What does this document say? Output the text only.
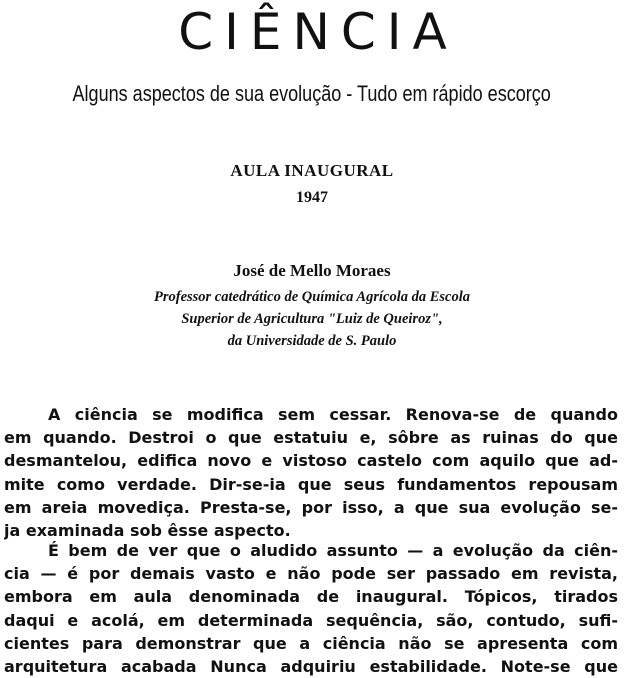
CIÊNCIA
Alguns aspectos de sua evolução - Tudo em rápido escorço
AULA INAUGURAL
1947
José de Mello Moraes
Professor catedrático de Química Agrícola da Escola
Superior de Agricultura "Luiz de Queiroz",
da Universidade de S. Paulo
A ciência se modifica sem cessar. Renova-se de quando
em quando. Destroi o que estatuiu e, sôbre as ruinas do que
desmantelou, edifica novo e vistoso castelo com aquilo que ad-
mite como verdade. Dir-se-ia que seus fundamentos repousam
em areia movediça. Presta-se, por isso, a que sua evolução se-
ja examinada sob êsse aspecto.
É bem de ver que o aludido assunto — a evolução da ciên-
cia — é por demais vasto e não pode ser passado em revista,
embora em aula denominada de inaugural. Tópicos, tirados
daqui e acolá, em determinada sequência, são, contudo, sufi-
cientes para demonstrar que a ciência não se apresenta com
arquitetura acabada Nunca adquiriu estabilidade. Note-se que
